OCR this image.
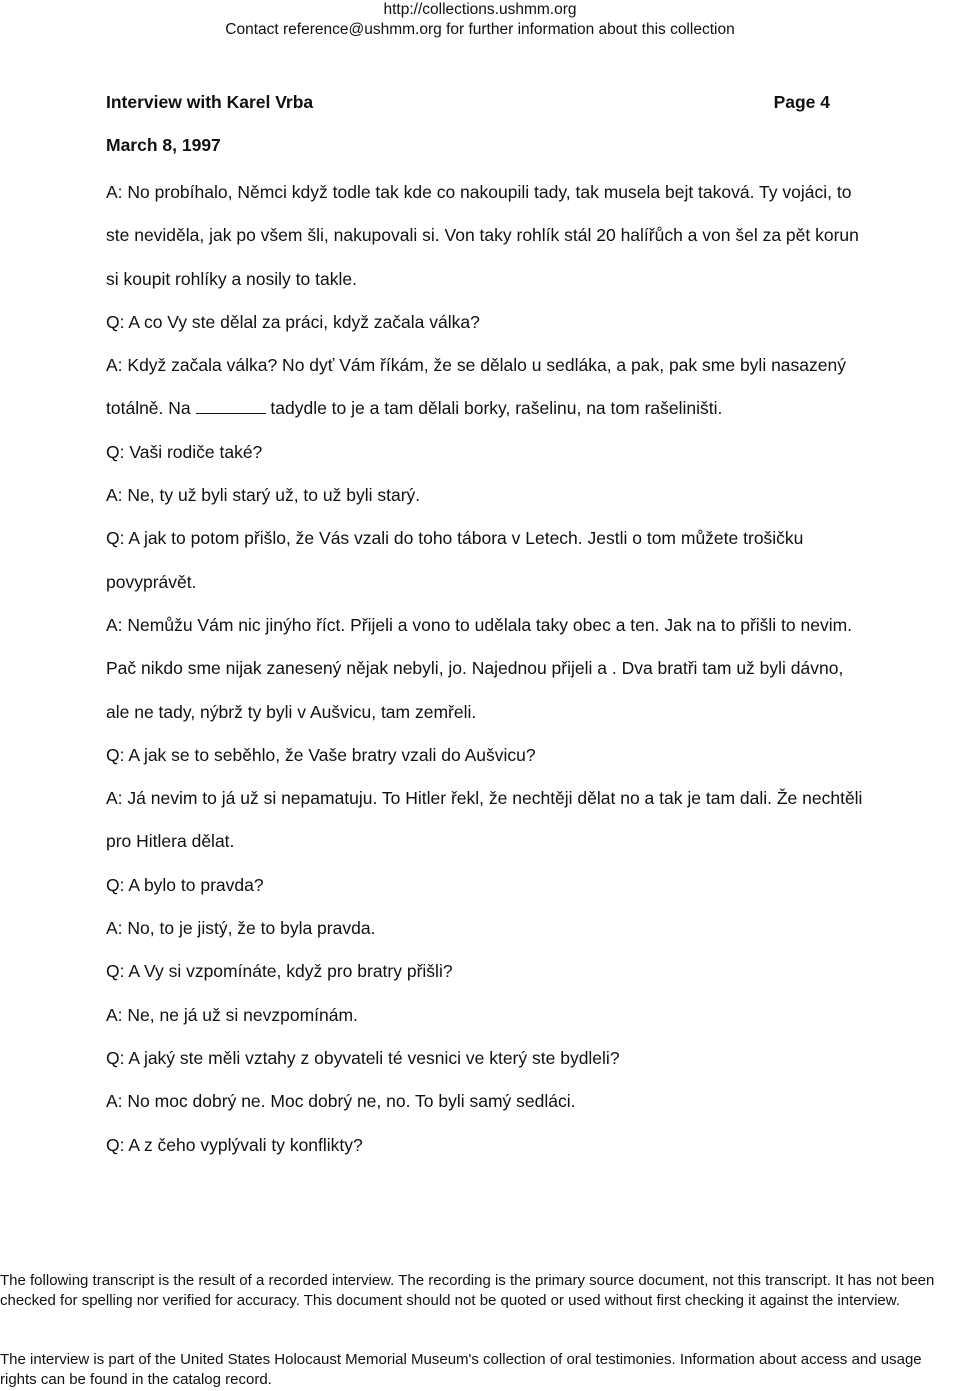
http://collections.ushmm.org
Contact reference@ushmm.org for further information about this collection
Interview with Karel Vrba	Page 4
March 8, 1997

A: No probíhalo, Němci když todle tak kde co nakoupili tady, tak musela bejt taková. Ty vojáci, to ste neviděla, jak po všem šli, nakupovali si. Von taky rohlík stál 20 halířůch a von šel za pět korun si koupit rohlíky a nosily to takle.

Q: A co Vy ste dělal za práci, když začala válka?

A: Když začala válka? No dyť Vám říkám, že se dělalo u sedláka, a pak, pak sme byli nasazený totálně. Na	tadydle to je a tam dělali borky, rašelinu, na tom rašeliništi.

Q: Vaši rodiče také?

A: Ne, ty už byli starý už, to už byli starý.

Q: A jak to potom přišlo, že Vás vzali do toho tábora v Letech. Jestli o tom můžete trošičku povyprávět.

A: Nemůžu Vám nic jinýho říct. Přijeli a vono to udělala taky obec a ten. Jak na to přišli to nevim. Pač nikdo sme nijak zanesený nějak nebyli, jo. Najednou přijeli a . Dva bratři tam už byli dávno, ale ne tady, nýbrž ty byli v Aušvicu, tam zemřeli.

Q: A jak se to seběhlo, že Vaše bratry vzali do Aušvicu?

A: Já nevim to já už si nepamatuju. To Hitler řekl, že nechtěji dělat no a tak je tam dali. Že nechtěli pro Hitlera dělat.

Q: A bylo to pravda?

A: No, to je jistý, že to byla pravda.

Q: A Vy si vzpomínáte, když pro bratry přišli?

A: Ne, ne já už si nevzpomínám.

Q: A jaký ste měli vztahy z obyvateli té vesnici ve který ste bydleli?

A: No moc dobrý ne. Moc dobrý ne, no. To byli samý sedláci.

Q: A z čeho vyplývali ty konflikty?

The following transcript is the result of a recorded interview. The recording is the primary source document, not this transcript. It has not been checked for spelling nor verified for accuracy. This document should not be quoted or used without first checking it against the interview.
The interview is part of the United States Holocaust Memorial Museum's collection of oral testimonies. Information about access and usage rights can be found in the catalog record.
